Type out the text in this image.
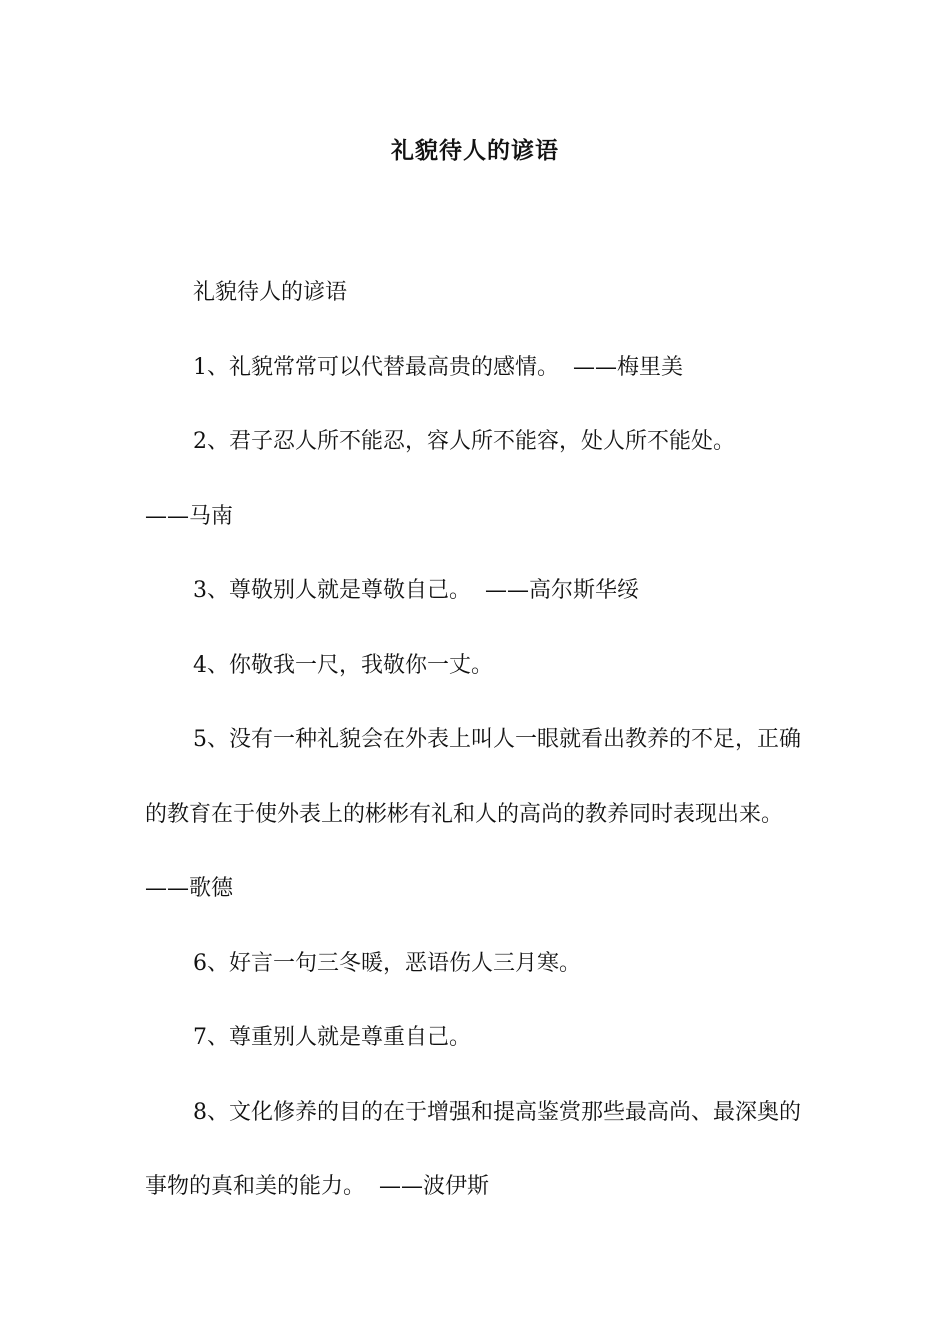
礼貌待人的谚语

礼貌待人的谚语

1、礼貌常常可以代替最高贵的感情。 ——梅里美

2、君子忍人所不能忍，容人所不能容，处人所不能处。
——马南

3、尊敬别人就是尊敬自己。 ——高尔斯华绥

4、你敬我一尺，我敬你一丈。

5、没有一种礼貌会在外表上叫人一眼就看出教养的不足，正确的教育在于使外表上的彬彬有礼和人的高尚的教养同时表现出来。——歌德

6、好言一句三冬暖，恶语伤人三月寒。

7、尊重别人就是尊重自己。

8、文化修养的目的在于增强和提高鉴赏那些最高尚、最深奥的事物的真和美的能力。 ——波伊斯
